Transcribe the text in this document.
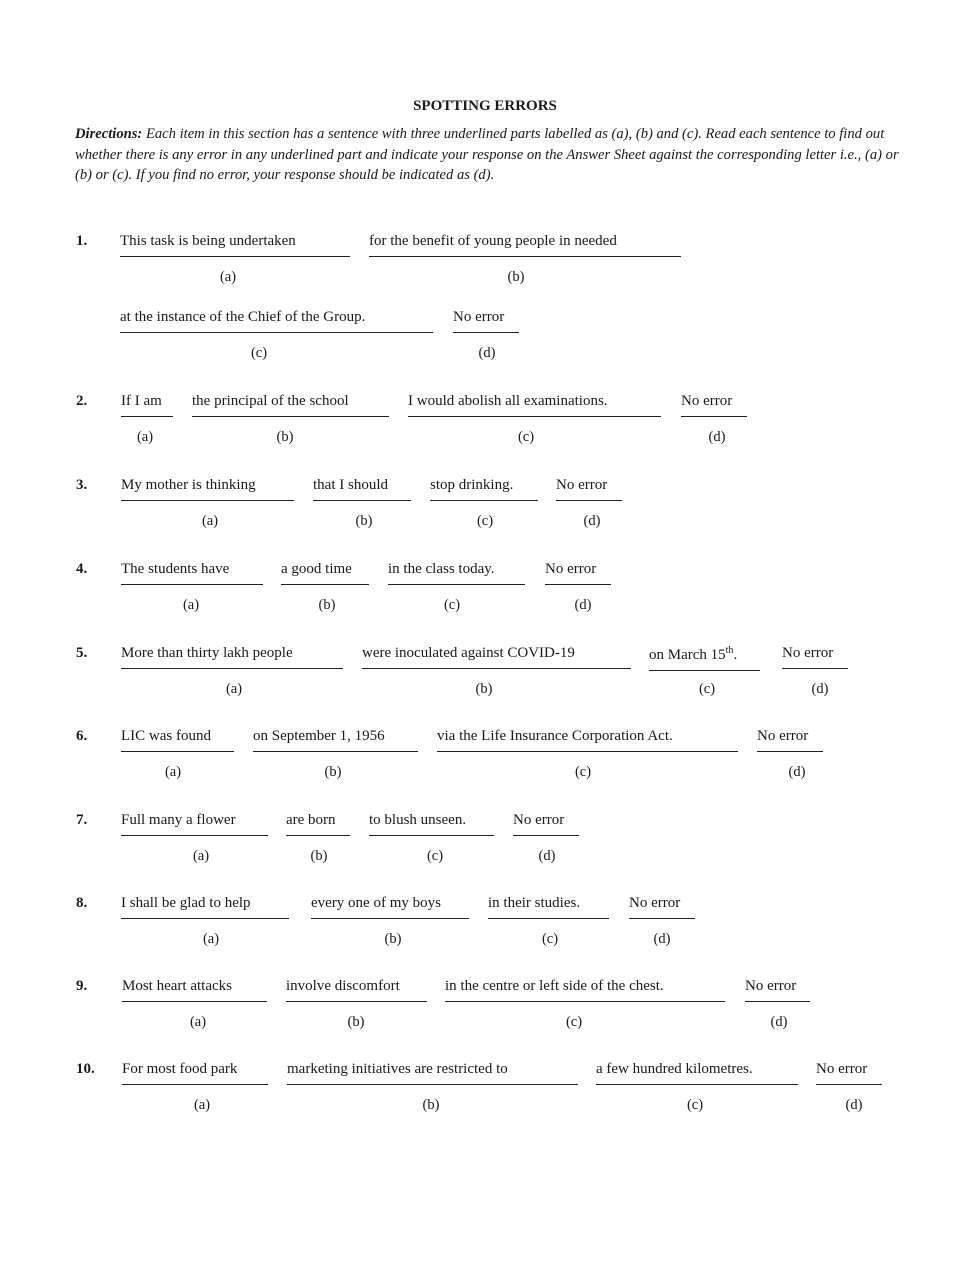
SPOTTING ERRORS
Directions: Each item in this section has a sentence with three underlined parts labelled as (a), (b) and (c). Read each sentence to find out whether there is any error in any underlined part and indicate your response on the Answer Sheet against the corresponding letter i.e., (a) or (b) or (c). If you find no error, your response should be indicated as (d).
1. This task is being undertaken
(a)
for the benefit of young people in needed
(b)
at the instance of the Chief of the Group.
(c)
No error
(d)
2. If I am
(a)
the principal of the school
(b)
I would abolish all examinations.
(c)
No error
(d)
3. My mother is thinking
(a)
that I should
(b)
stop drinking.
(c)
No error
(d)
4. The students have
(a)
a good time
(b)
in the class today.
(c)
No error
(d)
5. More than thirty lakh people
(a)
were inoculated against COVID-19
(b)
on March 15th.
(c)
No error
(d)
6. LIC was found
(a)
on September 1, 1956
(b)
via the Life Insurance Corporation Act.
(c)
No error
(d)
7. Full many a flower
(a)
are born
(b)
to blush unseen.
(c)
No error
(d)
8. I shall be glad to help
(a)
every one of my boys
(b)
in their studies.
(c)
No error
(d)
9. Most heart attacks
(a)
involve discomfort
(b)
in the centre or left side of the chest.
(c)
No error
(d)
10. For most food park
(a)
marketing initiatives are restricted to
(b)
a few hundred kilometres.
(c)
No error
(d)
